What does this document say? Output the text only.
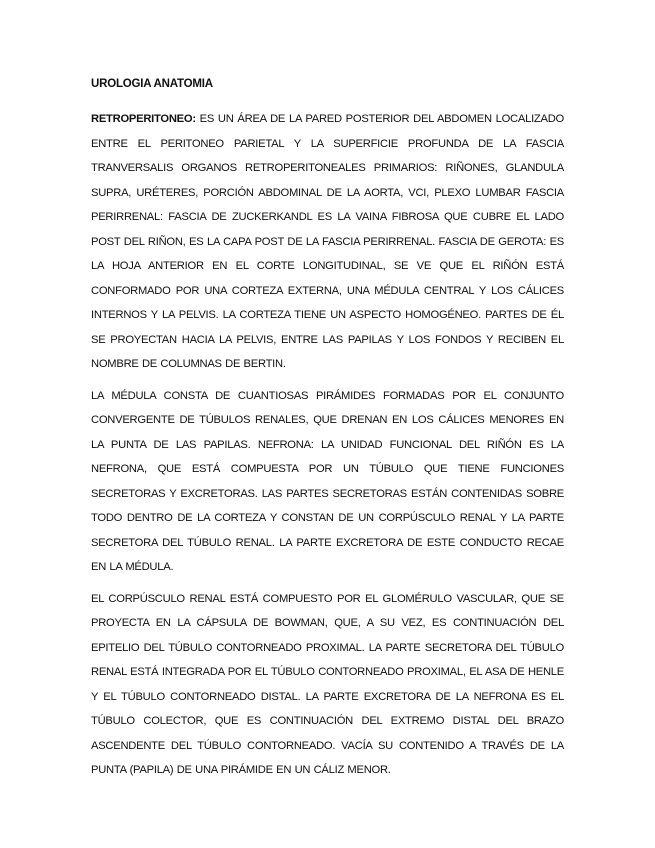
UROLOGIA ANATOMIA

RETROPERITONEO: ES UN ÁREA DE LA PARED POSTERIOR DEL ABDOMEN LOCALIZADO ENTRE EL PERITONEO PARIETAL Y LA SUPERFICIE PROFUNDA DE LA FASCIA TRANVERSALIS ORGANOS RETROPERITONEALES PRIMARIOS: RIÑONES, GLANDULA SUPRA, URÉTERES, PORCIÓN ABDOMINAL DE LA AORTA, VCI, PLEXO LUMBAR FASCIA PERIRRENAL: FASCIA DE ZUCKERKANDL ES LA VAINA FIBROSA QUE CUBRE EL LADO POST DEL RIÑON, ES LA CAPA POST DE LA FASCIA PERIRRENAL. FASCIA DE GEROTA: ES LA HOJA ANTERIOR EN EL CORTE LONGITUDINAL, SE VE QUE EL RIÑÓN ESTÁ CONFORMADO POR UNA CORTEZA EXTERNA, UNA MÉDULA CENTRAL Y LOS CÁLICES INTERNOS Y LA PELVIS. LA CORTEZA TIENE UN ASPECTO HOMOGÉNEO. PARTES DE ÉL SE PROYECTAN HACIA LA PELVIS, ENTRE LAS PAPILAS Y LOS FONDOS Y RECIBEN EL NOMBRE DE COLUMNAS DE BERTIN.

LA MÉDULA CONSTA DE CUANTIOSAS PIRÁMIDES FORMADAS POR EL CONJUNTO CONVERGENTE DE TÚBULOS RENALES, QUE DRENAN EN LOS CÁLICES MENORES EN LA PUNTA DE LAS PAPILAS. NEFRONA: LA UNIDAD FUNCIONAL DEL RIÑÓN ES LA NEFRONA, QUE ESTÁ COMPUESTA POR UN TÚBULO QUE TIENE FUNCIONES SECRETORAS Y EXCRETORAS. LAS PARTES SECRETORAS ESTÁN CONTENIDAS SOBRE TODO DENTRO DE LA CORTEZA Y CONSTAN DE UN CORPÚSCULO RENAL Y LA PARTE SECRETORA DEL TÚBULO RENAL. LA PARTE EXCRETORA DE ESTE CONDUCTO RECAE EN LA MÉDULA.

EL CORPÚSCULO RENAL ESTÁ COMPUESTO POR EL GLOMÉRULO VASCULAR, QUE SE PROYECTA EN LA CÁPSULA DE BOWMAN, QUE, A SU VEZ, ES CONTINUACIÓN DEL EPITELIO DEL TÚBULO CONTORNEADO PROXIMAL. LA PARTE SECRETORA DEL TÚBULO RENAL ESTÁ INTEGRADA POR EL TÚBULO CONTORNEADO PROXIMAL, EL ASA DE HENLE Y EL TÚBULO CONTORNEADO DISTAL. LA PARTE EXCRETORA DE LA NEFRONA ES EL TÚBULO COLECTOR, QUE ES CONTINUACIÓN DEL EXTREMO DISTAL DEL BRAZO ASCENDENTE DEL TÚBULO CONTORNEADO. VACÍA SU CONTENIDO A TRAVÉS DE LA PUNTA (PAPILA) DE UNA PIRÁMIDE EN UN CÁLIZ MENOR.
